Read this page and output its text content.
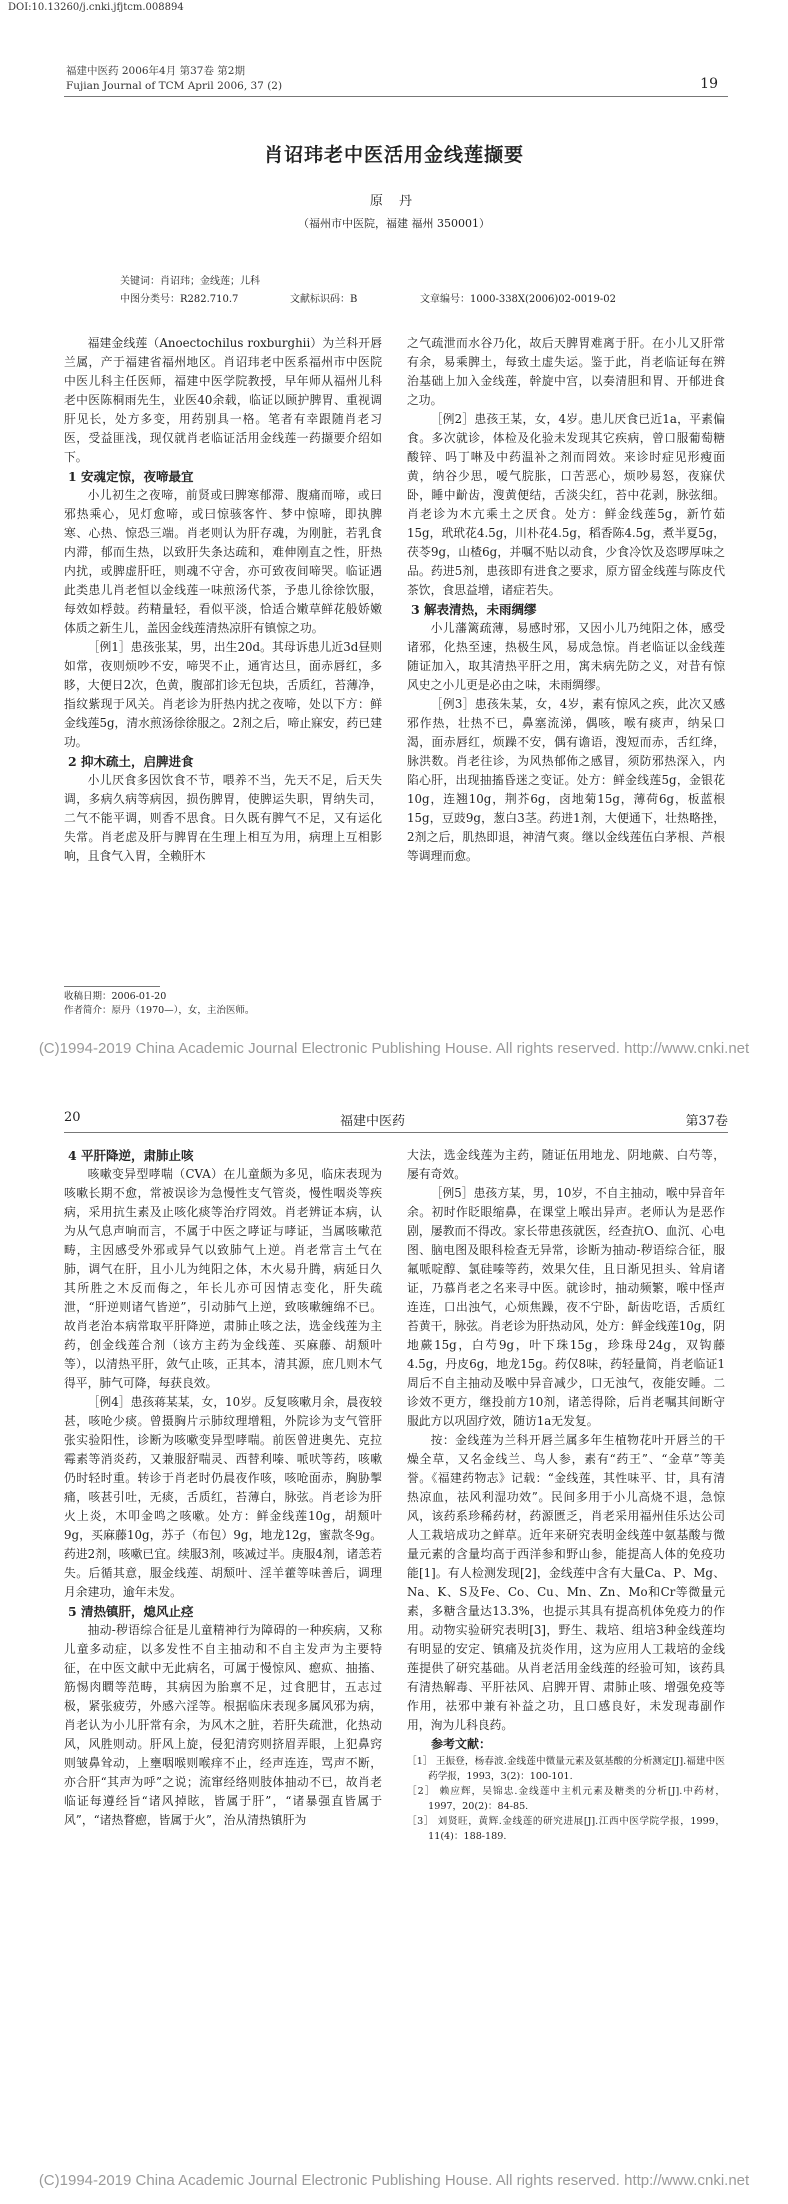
DOI:10.13260/j.cnki.jfjtcm.008894
福建中医药 2006年4月 第37卷 第2期
Fujian Journal of TCM April 2006, 37 (2)	19
肖诏玮老中医活用金线莲撷要
原 丹
（福州市中医院，福建 福州 350001）
关键词：肖诏玮；金线莲；儿科
中图分类号：R282.710.7	文献标识码：B	文章编号：1000-338X(2006)02-0019-02

福建金线莲（Anoectochilus roxburghii）为兰科开唇兰属，产于福建省福州地区。肖诏玮老中医系福州市中医院中医儿科主任医师，福建中医学院教授，早年师从福州儿科老中医陈桐雨先生，业医40余载，临证以顾护脾胃、重视调肝见长，处方多变，用药别具一格。笔者有幸跟随肖老习医，受益匪浅，现仅就肖老临证活用金线莲一药撷要介绍如下。

1 安魂定惊，夜啼最宜

小儿初生之夜啼，前贤或曰脾寒郁滞、腹痛而啼，或曰邪热乘心，见灯愈啼，或曰惊骇客忤、梦中惊啼，即执脾寒、心热、惊恐三端。肖老则认为肝存魂，为刚脏，若乳食内滞，郁而生热，以致肝失条达疏和，难伸刚直之性，肝热内扰，或脾虚肝旺，则魂不守舍，亦可致夜间啼哭。临证遇此类患儿肖老恒以金线莲一味煎汤代茶，予患儿徐徐饮服，每效如桴鼓。药精量轻，看似平淡，恰适合嫩草鲜花般娇嫩体质之新生儿，盖因金线莲清热凉肝有镇惊之功。

［例1］患孩张某，男，出生20d。其母诉患儿近3d昼则如常，夜则烦吵不安，啼哭不止，通宵达旦，面赤唇红，多眵，大便日2次，色黄，腹部扪诊无包块，舌质红，苔薄净，指纹紫现于风关。肖老诊为肝热内扰之夜啼，处以下方：鲜金线莲5g，清水煎汤徐徐服之。2剂之后，啼止寐安，药已建功。

2 抑木疏土，启脾进食

小儿厌食多因饮食不节，喂养不当，先天不足，后天失调，多病久病等病因，损伤脾胃，使脾运失职，胃纳失司，二气不能平调，则香不思食。日久既有脾气不足，又有运化失常。肖老虑及肝与脾胃在生理上相互为用，病理上互相影响，且食气入胃，全赖肝木

收稿日期：2006-01-20
作者简介：原丹（1970—），女，主治医师。

之气疏泄而水谷乃化，故后天脾胃难离于肝。在小儿又肝常有余，易乘脾土，每致土虚失运。鉴于此，肖老临证每在辨治基础上加入金线莲，幹旋中宫，以奏清胆和胃、开郁进食之功。

［例2］患孩王某，女，4岁。患儿厌食已近1a，平素偏食。多次就诊，体检及化验未发现其它疾病，曾口服葡萄糖酸锌、吗丁啉及中药温补之剂而罔效。来诊时症见形瘦面黄，纳谷少思，嗳气脘胀，口苦恶心，烦吵易怒，夜寐伏卧，睡中齘齿，溲黄便结，舌淡尖红，苔中花剥，脉弦细。肖老诊为木亢乘土之厌食。处方：鲜金线莲5g，新竹茹15g，玳玳花4.5g，川朴花4.5g，稻香陈4.5g，煮半夏5g，茯苓9g，山楂6g，并嘱不贴以动食，少食冷饮及恣啰厚味之品。药进5剂，患孩即有进食之要求，原方留金线莲与陈皮代茶饮，食思益增，诸症若失。

3 解表清热，未雨绸缪

小儿藩篱疏薄，易感时邪，又因小儿乃纯阳之体，感受诸邪，化热至速，热极生风，易成急惊。肖老临证以金线莲随证加入，取其清热平肝之用，寓未病先防之义，对昔有惊风史之小儿更是必由之味，未雨绸缪。

［例3］患孩朱某，女，4岁，素有惊风之疾，此次又感邪作热，壮热不已，鼻塞流涕，偶咳，喉有痰声，纳呆口渴，面赤唇红，烦躁不安，偶有谵语，溲短而赤，舌红绛，脉洪数。肖老往诊，为风热郁佈之感冒，须防邪热深入，内陷心肝，出现抽搐昏迷之变证。处方：鲜金线莲5g，金银花10g，连翘10g，荆芥6g，卤地菊15g，薄荷6g，板蓝根15g，豆豉9g，葱白3茎。药进1剂，大便通下，壮热略挫，2剂之后，肌热即退，神清气爽。继以金线莲伍白茅根、芦根等调理而愈。

(C)1994-2019 China Academic Journal Electronic Publishing House. All rights reserved. http://www.cnki.net
20	福建中医药	第37卷
4 平肝降逆，肃肺止咳

咳嗽变异型哮喘（CVA）在儿童颇为多见，临床表现为咳嗽长期不愈，常被误诊为急慢性支气管炎，慢性咽炎等疾病，采用抗生素及止咳化痰等治疗罔效。肖老辨证本病，认为从气息声响而言，不属于中医之哮证与哮证，当属咳嗽范畴，主因感受外邪或异气以致肺气上逆。肖老常言土气在肺，调气在肝，且小儿为纯阳之体，木火易升腾，病延日久其所胜之木反而侮之，年长儿亦可因情志变化，肝失疏泄，“肝逆则诸气皆逆”，引动肺气上逆，致咳嗽缠绵不已。故肖老治本病常取平肝降逆，肃肺止咳之法，选金线莲为主药，创金线莲合剂（该方主药为金线莲、买麻藤、胡颓叶等），以清热平肝，敛气止咳，正其本，清其源，庶几则木气得平，肺气可降，每获良效。

［例4］患孩蒋某某，女，10岁。反复咳嗽月余，晨夜较甚，咳呛少痰。曾摄胸片示肺纹理增粗，外院诊为支气管肝张实验阳性，诊断为咳嗽变异型哮喘。前医曾进奥先、克拉霉素等消炎药，又兼服舒喘灵、西替利嗪、哌吠等药，咳嗽仍时轻时重。转诊于肖老时仍晨夜作咳，咳呛面赤，胸胁掣痛，咳甚引吐，无痰，舌质红，苔薄白，脉弦。肖老诊为肝火上炎，木叩金鸣之咳嗽。处方：鲜金线莲10g，胡颓叶9g，买麻藤10g，苏子（布包）9g，地龙12g，蜜款冬9g。药进2剂，咳嗽已宜。续服3剂，咳减过半。庚服4剂，诸恙若失。后循其意，服金线莲、胡颓叶、淫羊藿等味善后，调理月余建功，逾年未发。

5 清热镇肝，熄风止痉

抽动-秽语综合征是儿童精神行为障碍的一种疾病，又称儿童多动症，以多发性不自主抽动和不自主发声为主要特征，在中医文献中无此病名，可属于慢惊风、瘛疭、抽搐、筋惕肉瞤等范畴，其病因为胎禀不足，过食肥甘，五志过极，紧张疲劳，外感六淫等。根据临床表现多属风邪为病，肖老认为小儿肝常有余，为风木之脏，若肝失疏泄，化热动风，风胜则动。肝风上旋，侵犯清窍则挤眉弄眼，上犯鼻窍则皱鼻耸动，上壅咽喉则喉痒不止，经声连连，骂声不断，亦合肝“其声为呼”之说；流窜经络则肢体抽动不已，故肖老临证每遵经旨“诸风掉眩，皆属于肝”，“诸暴强直皆属于风”，“诸热瞀瘛，皆属于火”，治从清热镇肝为

大法，选金线莲为主药，随证伍用地龙、阴地蕨、白芍等，屡有奇效。

［例5］患孩方某，男，10岁，不自主抽动，喉中异音年余。初时作眨眼缩鼻，在课堂上喉出异声。老师认为是恶作剧，屡教而不得改。家长带患孩就医，经查抗O、血沉、心电图、脑电图及眼科检查无异常，诊断为抽动-秽语综合征，服氟哌啶醇、氯硅嗪等药，效果欠佳，且日渐见担头、耸肩诸证，乃慕肖老之名来寻中医。就诊时，抽动频繁，喉中怪声连连，口出浊气，心烦焦躁，夜不宁卧，龂齿吃语，舌质红苔黄干，脉弦。肖老诊为肝热动风，处方：鲜金线莲10g，阴地蕨15g，白芍9g，叶下珠15g，珍珠母24g，双钩藤4.5g，丹皮6g，地龙15g。药仅8味，药轻量简，肖老临证1周后不自主抽动及喉中异音减少，口无浊气，夜能安睡。二诊效不更方，继投前方10剂，诸恙得除，后肖老嘱其间断守服此方以巩固疗效，随访1a无发复。

按：金线莲为兰科开唇兰属多年生植物花叶开唇兰的干燥全草，又名金线兰、鸟人参，素有“药王”、“金草”等美誉。《福建药物志》记载：“金线莲，其性味平、甘，具有清热凉血，祛风利湿功效”。民间多用于小儿高烧不退，急惊风，该药系珍稀药材，药源匮乏，肖老采用福州佳乐达公司人工栽培成功之鲜草。近年来研究表明金线莲中氨基酸与微量元素的含量均高于西洋参和野山参，能提高人体的免疫功能[1]。有人检测发现[2]，金线莲中含有大量Ca、P、Mg、Na、K、S及Fe、Co、Cu、Mn、Zn、Mo和Cr等微量元素，多糖含量达13.3%，也提示其具有提高机体免疫力的作用。动物实验研究表明[3]，野生、栽培、组培3种金线莲均有明显的安定、镇痛及抗炎作用，这为应用人工栽培的金线莲提供了研究基础。从肖老活用金线莲的经验可知，该药具有清热解毒、平肝祛风、启脾开胃、肃肺止咳、增强免疫等作用，祛邪中兼有补益之功，且口感良好，未发现毒副作用，洵为儿科良药。

参考文献：
［1］ 王振登，杨春波.金线莲中微量元素及氨基酸的分析测定[J].福建中医药学报，1993，3(2)：100-101.
［2］ 赖应辉，吴锦忠.金线莲中主机元素及糖类的分析[J].中药材，1997，20(2)：84-85.
［3］ 刘贤旺，黄辉.金线莲的研究进展[J].江西中医学院学报，1999，11(4)：188-189.
(C)1994-2019 China Academic Journal Electronic Publishing House. All rights reserved. http://www.cnki.net
